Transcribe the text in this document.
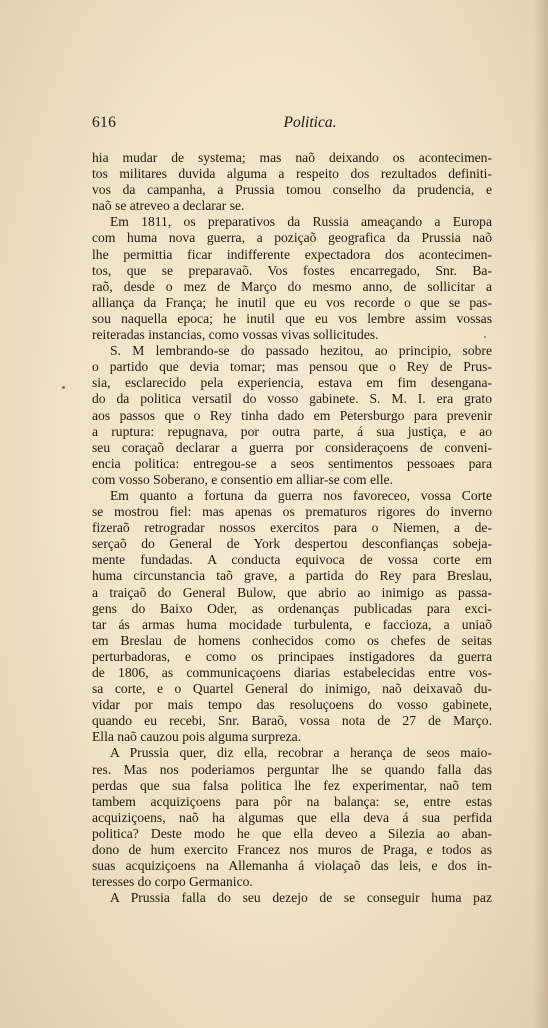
616	Politica.
hia mudar de systema; mas naõ deixando os acontecimen-
tos militares duvida alguma a respeito dos rezultados definiti-
vos da campanha, a Prussia tomou conselho da prudencia, e
naõ se atreveo a declarar se.
Em 1811, os preparativos da Russia ameaçando a Europa
com huma nova guerra, a poziçaõ geografica da Prussia naõ
lhe permittia ficar indifferente expectadora dos acontecimen-
tos, que se preparavaõ. Vos fostes encarregado, Snr. Ba-
raõ, desde o mez de Março do mesmo anno, de sollicitar a
alliança da França; he inutil que eu vos recorde o que se pas-
sou naquella epoca; he inutil que eu vos lembre assim vossas
reiteradas instancias, como vossas vivas sollicitudes.
S. M lembrando-se do passado hezitou, ao principio, sobre
o partido que devia tomar; mas pensou que o Rey de Prus-
sia, esclarecido pela experiencia, estava em fim desengana-
do da politica versatil do vosso gabinete. S. M. I. era grato
aos passos que o Rey tinha dado em Petersburgo para prevenir
a ruptura: repugnava, por outra parte, á sua justiça, e ao
seu coraçaõ declarar a guerra por consideraçoens de conveni-
encia politica: entregou-se a seos sentimentos pessoaes para
com vosso Soberano, e consentio em alliar-se com elle.
Em quanto a fortuna da guerra nos favoreceo, vossa Corte
se mostrou fiel: mas apenas os prematuros rigores do inverno
fizeraõ retrogradar nossos exercitos para o Niemen, a de-
serçaõ do General de York despertou desconfianças sobeja-
mente fundadas. A conducta equivoca de vossa corte em
huma circunstancia taõ grave, a partida do Rey para Breslau,
a traiçaõ do General Bulow, que abrio ao inimigo as passa-
gens do Baixo Oder, as ordenanças publicadas para exci-
tar ás armas huma mocidade turbulenta, e faccioza, a uniaõ
em Breslau de homens conhecidos como os chefes de seitas
perturbadoras, e como os principaes instigadores da guerra
de 1806, as communicaçoens diarias estabelecidas entre vos-
sa corte, e o Quartel General do inimigo, naõ deixavaõ du-
vidar por mais tempo das resoluçoens do vosso gabinete,
quando eu recebi, Snr. Baraõ, vossa nota de 27 de Março.
Ella naõ cauzou pois alguma surpreza.
A Prussia quer, diz ella, recobrar a herança de seos maio-
res. Mas nos poderiamos perguntar lhe se quando falla das
perdas que sua falsa politica lhe fez experimentar, naõ tem
tambem acquiziçoens para pôr na balança: se, entre estas
acquiziçoens, naõ ha algumas que ella deva á sua perfida
politica? Deste modo he que ella deveo a Silezia ao aban-
dono de hum exercito Francez nos muros de Praga, e todos as
suas acquiziçoens na Allemanha á violaçaõ das leis, e dos in-
teresses do corpo Germanico.
A Prussia falla do seu dezejo de se conseguir huma paz
